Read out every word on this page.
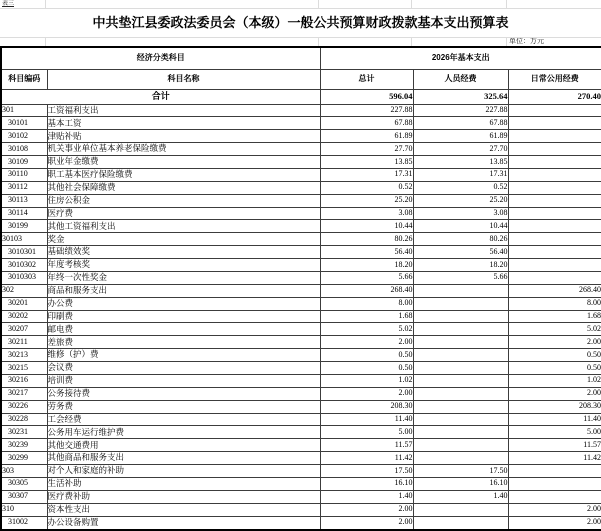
表三
中共垫江县委政法委员会（本级）一般公共预算财政拨款基本支出预算表
单位：万元
经济分类科目		2026年基本支出		
科目编码	科目名称	总计	人员经费	日常公用经费
合计		596.04	325.64	270.40
301	工资福利支出	227.88	227.88	
30101	基本工资	67.88	67.88	
30102	津贴补贴	61.89	61.89	
30108	机关事业单位基本养老保险缴费	27.70	27.70	
30109	职业年金缴费	13.85	13.85	
30110	职工基本医疗保险缴费	17.31	17.31	
30112	其他社会保障缴费	0.52	0.52	
30113	住房公积金	25.20	25.20	
30114	医疗费	3.08	3.08	
30199	其他工资福利支出	10.44	10.44	
30103	奖金	80.26	80.26	
3010301	基础绩效奖	56.40	56.40	
3010302	年度考核奖	18.20	18.20	
3010303	年终一次性奖金	5.66	5.66	
302	商品和服务支出	268.40		268.40
30201	办公费	8.00		8.00
30202	印刷费	1.68		1.68
30207	邮电费	5.02		5.02
30211	差旅费	2.00		2.00
30213	维修（护）费	0.50		0.50
30215	会议费	0.50		0.50
30216	培训费	1.02		1.02
30217	公务接待费	2.00		2.00
30226	劳务费	208.30		208.30
30228	工会经费	11.40		11.40
30231	公务用车运行维护费	5.00		5.00
30239	其他交通费用	11.57		11.57
30299	其他商品和服务支出	11.42		11.42
303	对个人和家庭的补助	17.50	17.50	
30305	生活补助	16.10	16.10	
30307	医疗费补助	1.40	1.40	
310	资本性支出	2.00		2.00
31002	办公设备购置	2.00		2.00
